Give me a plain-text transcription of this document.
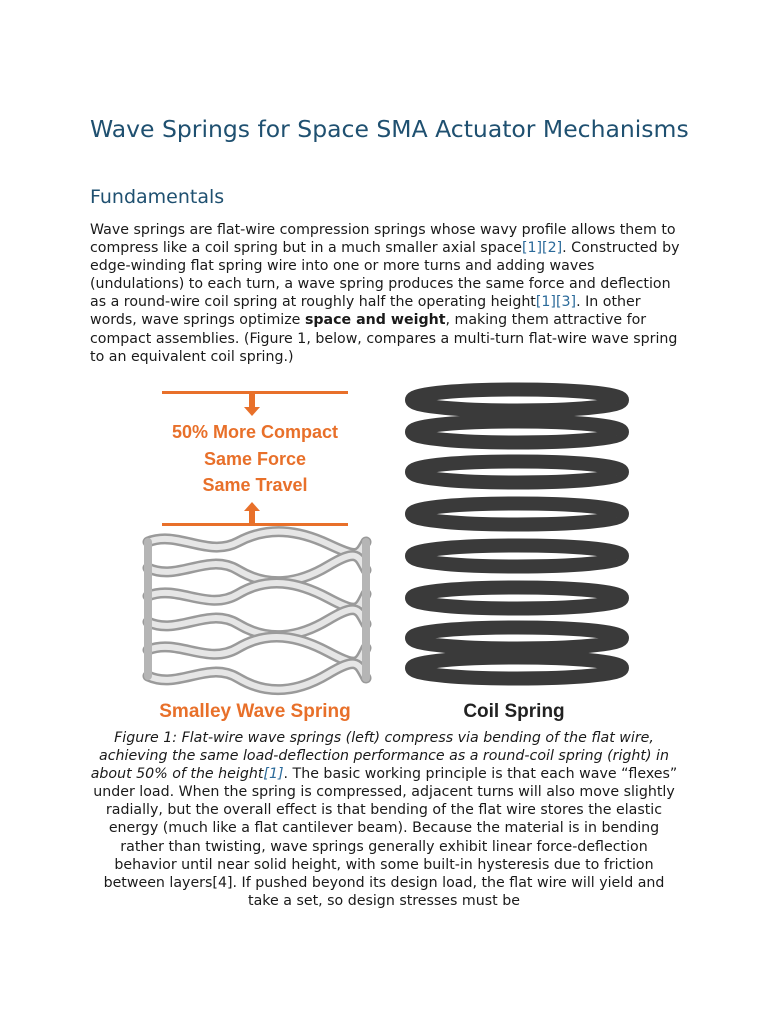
Wave Springs for Space SMA Actuator Mechanisms
Fundamentals
Wave springs are flat-wire compression springs whose wavy profile allows them to compress like a coil spring but in a much smaller axial space[1][2]. Constructed by edge-winding flat spring wire into one or more turns and adding waves (undulations) to each turn, a wave spring produces the same force and deflection as a round-wire coil spring at roughly half the operating height[1][3]. In other words, wave springs optimize space and weight, making them attractive for compact assemblies. (Figure 1, below, compares a multi-turn flat-wire wave spring to an equivalent coil spring.)
50% More Compact
Same Force
Same Travel
Smalley Wave Spring	Coil Spring
Figure 1: Flat-wire wave springs (left) compress via bending of the flat wire, achieving the same load-deflection performance as a round-coil spring (right) in about 50% of the height[1]. The basic working principle is that each wave “flexes” under load. When the spring is compressed, adjacent turns will also move slightly radially, but the overall effect is that bending of the flat wire stores the elastic energy (much like a flat cantilever beam). Because the material is in bending rather than twisting, wave springs generally exhibit linear force-deflection behavior until near solid height, with some built-in hysteresis due to friction between layers[4]. If pushed beyond its design load, the flat wire will yield and take a set, so design stresses must be
